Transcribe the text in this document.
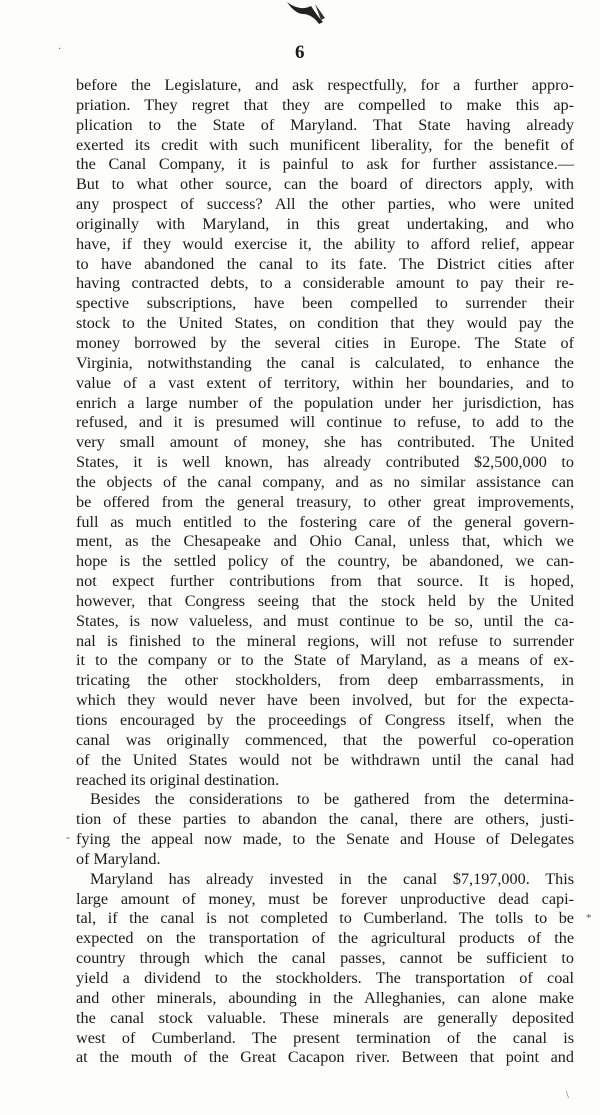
·	6
before the Legislature, and ask respectfully, for a further appro-
priation. They regret that they are compelled to make this ap-
plication to the State of Maryland. That State having already
exerted its credit with such munificent liberality, for the benefit of
the Canal Company, it is painful to ask for further assistance.—
But to what other source, can the board of directors apply, with
any prospect of success? All the other parties, who were united
originally with Maryland, in this great undertaking, and who
have, if they would exercise it, the ability to afford relief, appear
to have abandoned the canal to its fate. The District cities after
having contracted debts, to a considerable amount to pay their re-
spective subscriptions, have been compelled to surrender their
stock to the United States, on condition that they would pay the
money borrowed by the several cities in Europe. The State of
Virginia, notwithstanding the canal is calculated, to enhance the
value of a vast extent of territory, within her boundaries, and to
enrich a large number of the population under her jurisdiction, has
refused, and it is presumed will continue to refuse, to add to the
very small amount of money, she has contributed. The United
States, it is well known, has already contributed $2,500,000 to
the objects of the canal company, and as no similar assistance can
be offered from the general treasury, to other great improvements,
full as much entitled to the fostering care of the general govern-
ment, as the Chesapeake and Ohio Canal, unless that, which we
hope is the settled policy of the country, be abandoned, we can-
not expect further contributions from that source. It is hoped,
however, that Congress seeing that the stock held by the United
States, is now valueless, and must continue to be so, until the ca-
nal is finished to the mineral regions, will not refuse to surrender
it to the company or to the State of Maryland, as a means of ex-
tricating the other stockholders, from deep embarrassments, in
which they would never have been involved, but for the expecta-
tions encouraged by the proceedings of Congress itself, when the
canal was originally commenced, that the powerful co-operation
of the United States would not be withdrawn until the canal had
reached its original destination.
Besides the considerations to be gathered from the determina-
tion of these parties to abandon the canal, there are others, justi-
fying the appeal now made, to the Senate and House of Delegates
of Maryland.
Maryland has already invested in the canal $7,197,000. This
large amount of money, must be forever unproductive dead capi-
tal, if the canal is not completed to Cumberland. The tolls to be
expected on the transportation of the agricultural products of the
country through which the canal passes, cannot be sufficient to
yield a dividend to the stockholders. The transportation of coal
and other minerals, abounding in the Alleghanies, can alone make
the canal stock valuable. These minerals are generally deposited
west of Cumberland. The present termination of the canal is
at the mouth of the Great Cacapon river. Between that point and
-
*
\
